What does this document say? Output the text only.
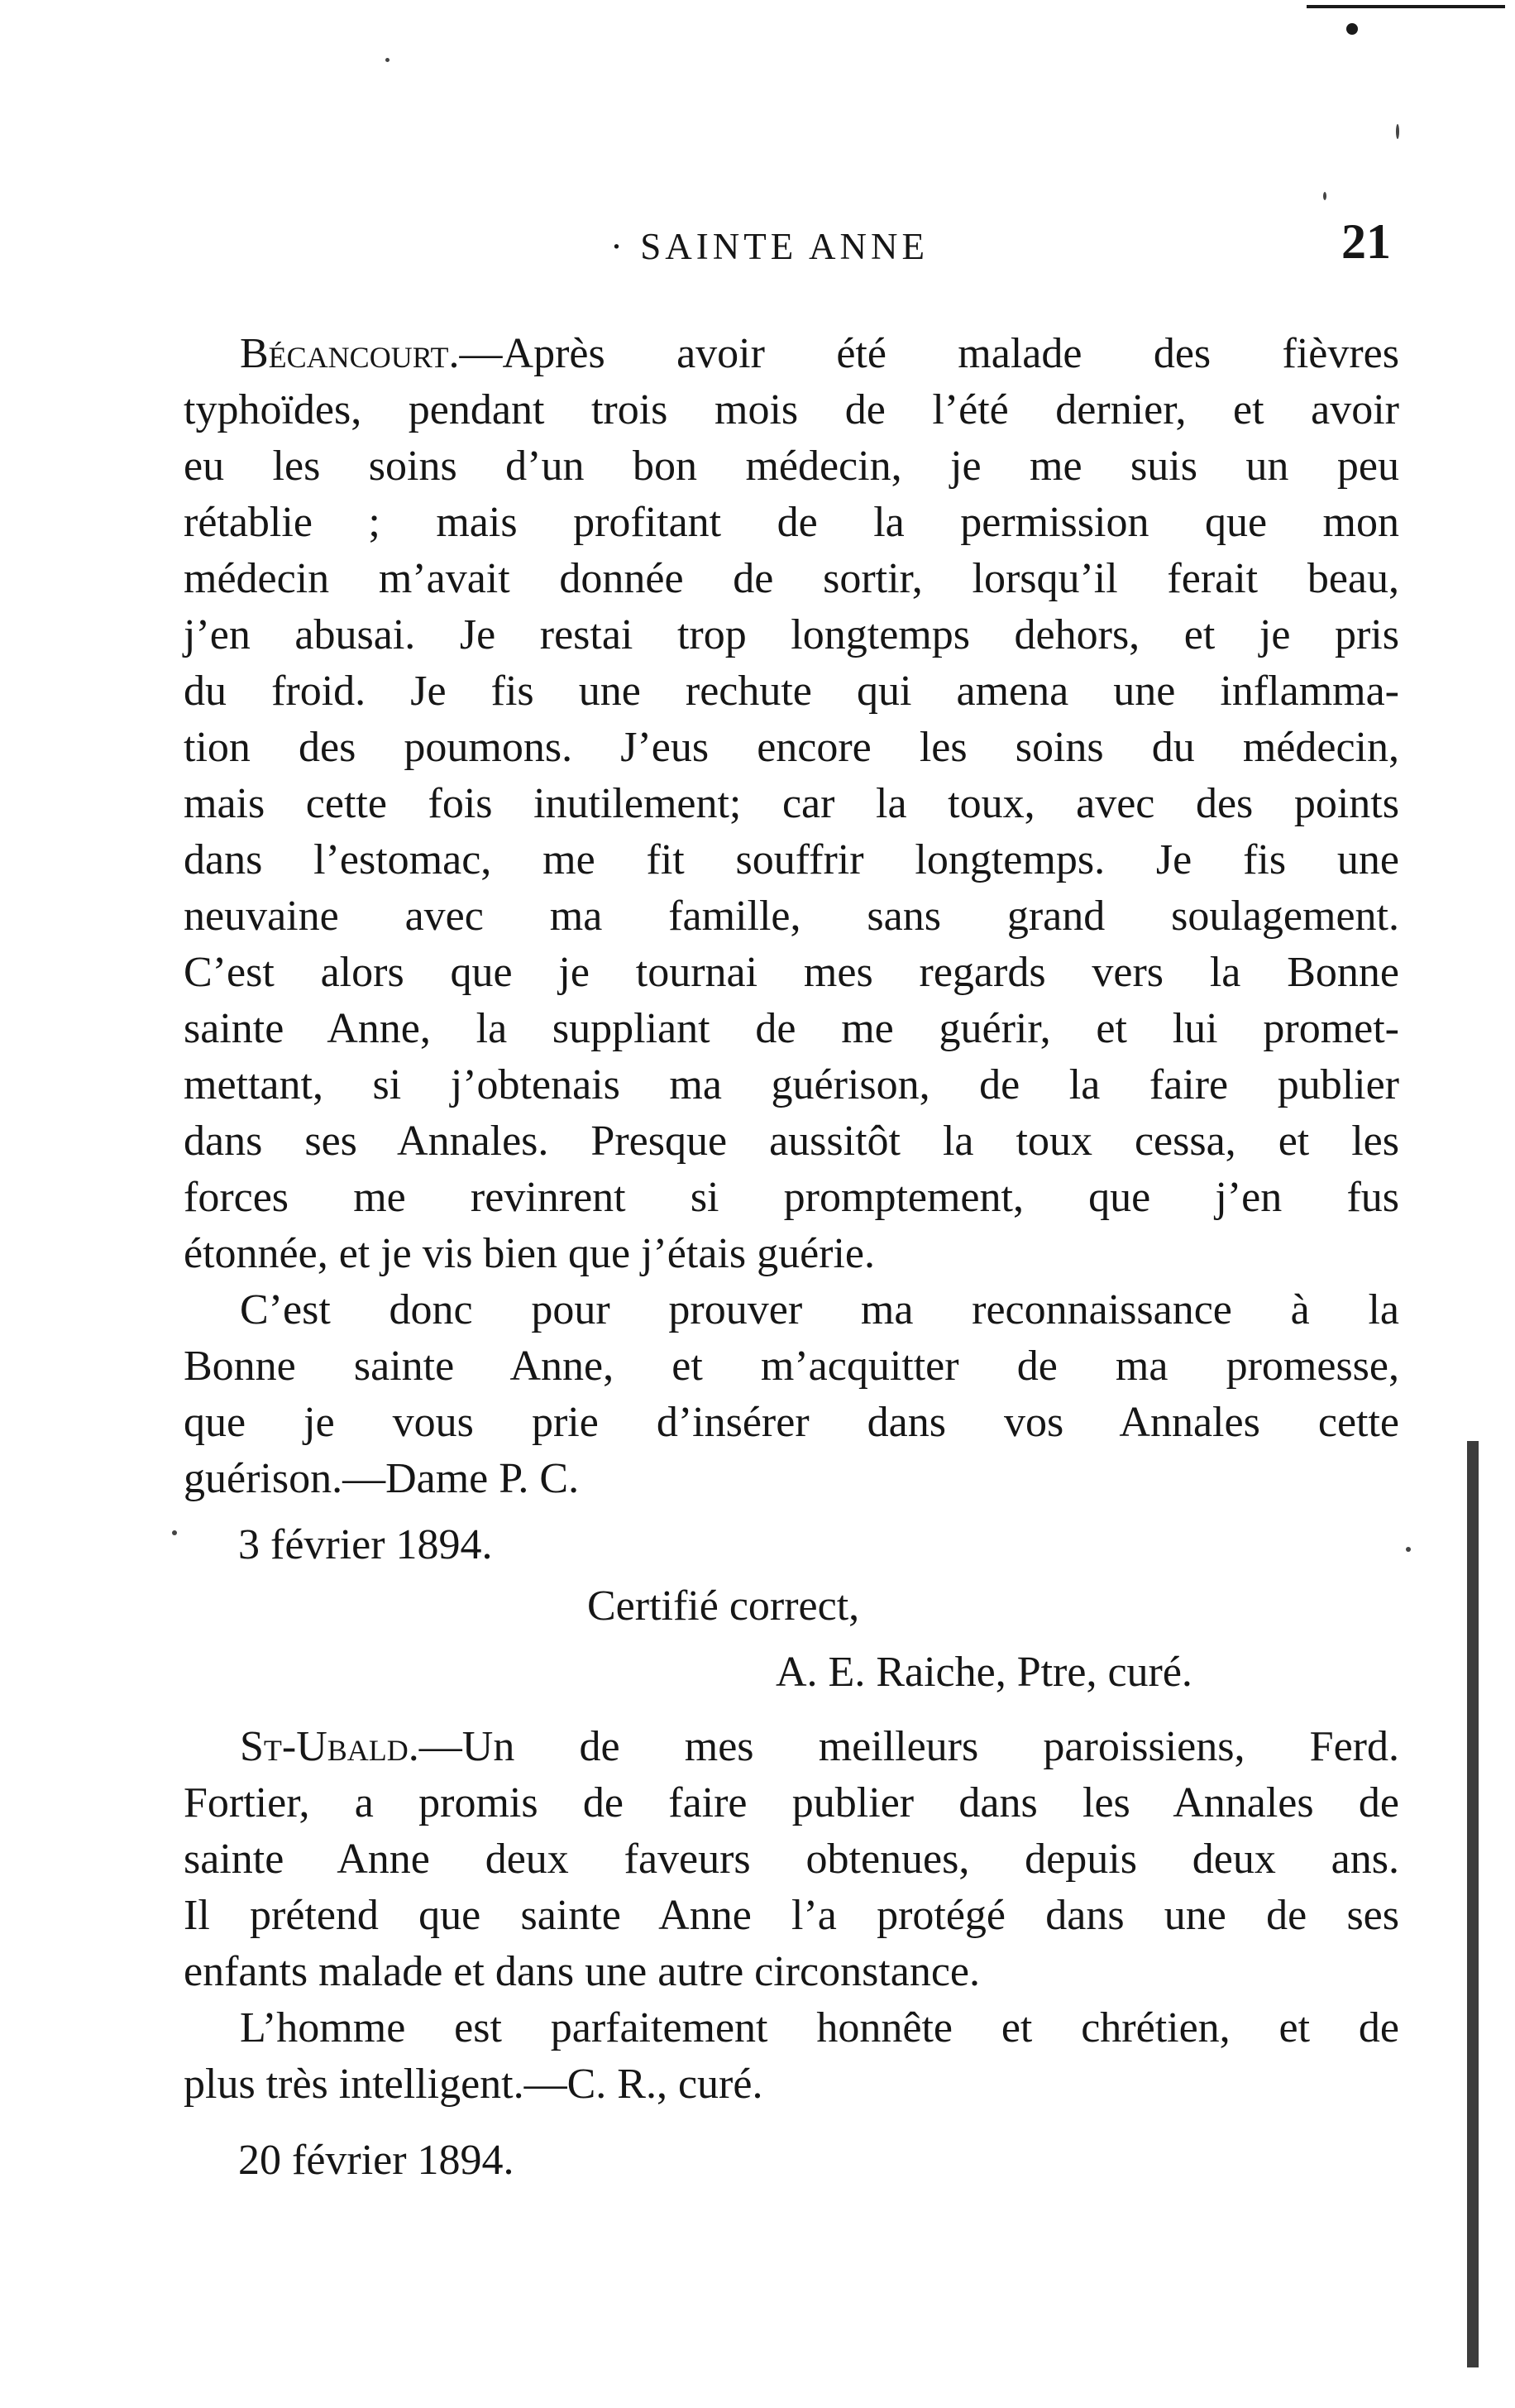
· SAINTE ANNE	21
Bécancourt.—Après avoir été malade des fièvres
typhoïdes, pendant trois mois de l’été dernier, et avoir
eu les soins d’un bon médecin, je me suis un peu
rétablie ; mais profitant de la permission que mon
médecin m’avait donnée de sortir, lorsqu’il ferait beau,
j’en abusai. Je restai trop longtemps dehors, et je pris
du froid. Je fis une rechute qui amena une inflamma-
tion des poumons. J’eus encore les soins du médecin,
mais cette fois inutilement; car la toux, avec des points
dans l’estomac, me fit souffrir longtemps. Je fis une
neuvaine avec ma famille, sans grand soulagement.
C’est alors que je tournai mes regards vers la Bonne
sainte Anne, la suppliant de me guérir, et lui promet-
mettant, si j’obtenais ma guérison, de la faire publier
dans ses Annales. Presque aussitôt la toux cessa, et les
forces me revinrent si promptement, que j’en fus
étonnée, et je vis bien que j’étais guérie.
C’est donc pour prouver ma reconnaissance à la
Bonne sainte Anne, et m’acquitter de ma promesse,
que je vous prie d’insérer dans vos Annales cette
guérison.—Dame P. C.
3 février 1894.
Certifié correct,
A. E. Raiche, Ptre, curé.
St-Ubald.—Un de mes meilleurs paroissiens, Ferd.
Fortier, a promis de faire publier dans les Annales de
sainte Anne deux faveurs obtenues, depuis deux ans.
Il prétend que sainte Anne l’a protégé dans une de ses
enfants malade et dans une autre circonstance.
L’homme est parfaitement honnête et chrétien, et de
plus très intelligent.—C. R., curé.
20 février 1894.
